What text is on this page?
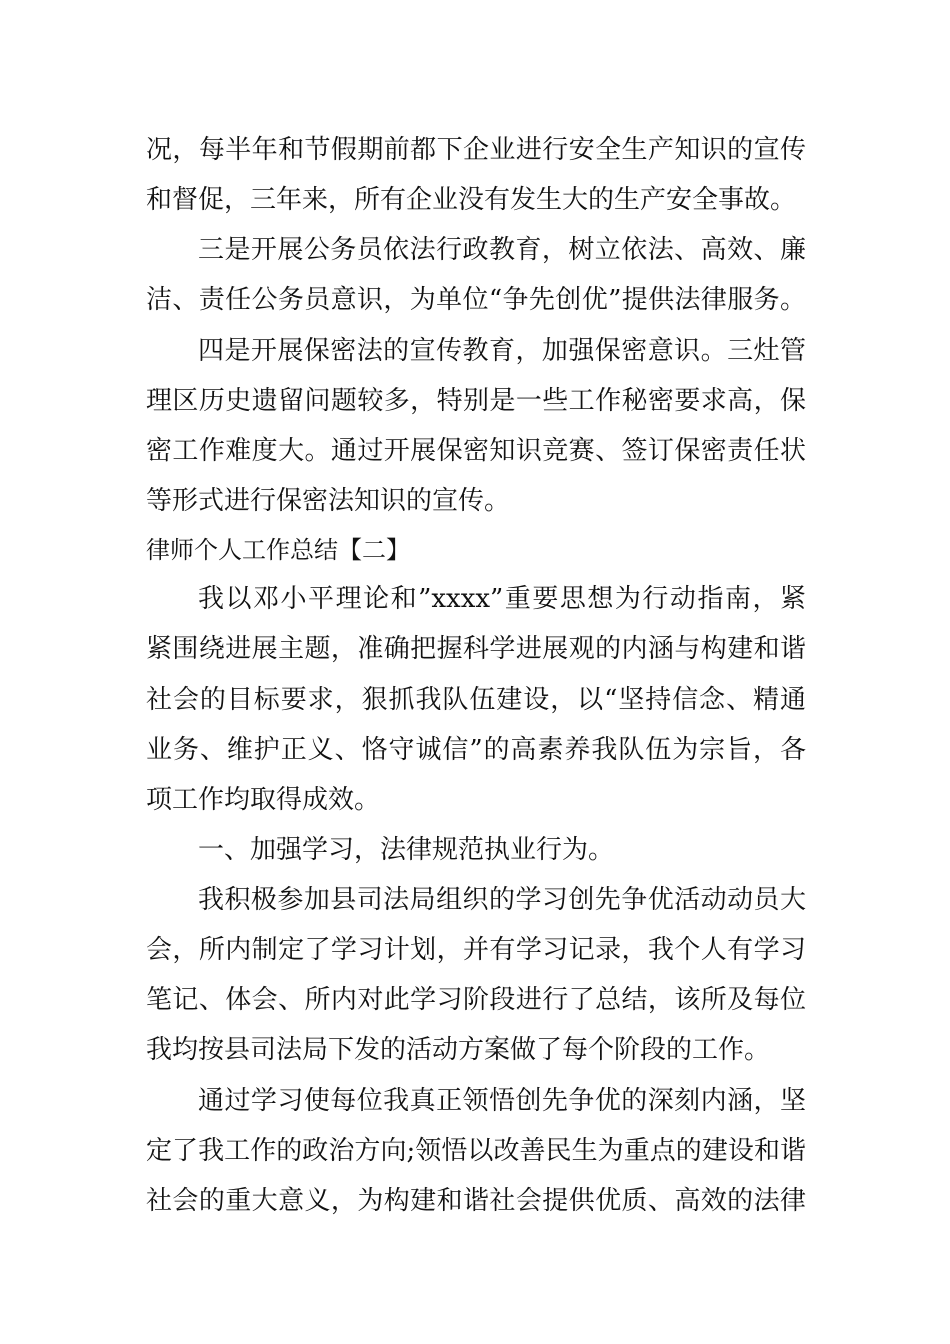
况，每半年和节假期前都下企业进行安全生产知识的宣传
和督促，三年来，所有企业没有发生大的生产安全事故。
三是开展公务员依法行政教育，树立依法、高效、廉
洁、责任公务员意识，为单位“争先创优”提供法律服务。
四是开展保密法的宣传教育，加强保密意识。三灶管
理区历史遗留问题较多，特别是一些工作秘密要求高，保
密工作难度大。通过开展保密知识竞赛、签订保密责任状
等形式进行保密法知识的宣传。
律师个人工作总结【二】
我以邓小平理论和”xxxx”重要思想为行动指南，紧
紧围绕进展主题，准确把握科学进展观的内涵与构建和谐
社会的目标要求，狠抓我队伍建设，以“坚持信念、精通
业务、维护正义、恪守诚信”的高素养我队伍为宗旨，各
项工作均取得成效。
一、加强学习，法律规范执业行为。
我积极参加县司法局组织的学习创先争优活动动员大
会，所内制定了学习计划，并有学习记录，我个人有学习
笔记、体会、所内对此学习阶段进行了总结，该所及每位
我均按县司法局下发的活动方案做了每个阶段的工作。
通过学习使每位我真正领悟创先争优的深刻内涵，坚
定了我工作的政治方向;领悟以改善民生为重点的建设和谐
社会的重大意义，为构建和谐社会提供优质、高效的法律
